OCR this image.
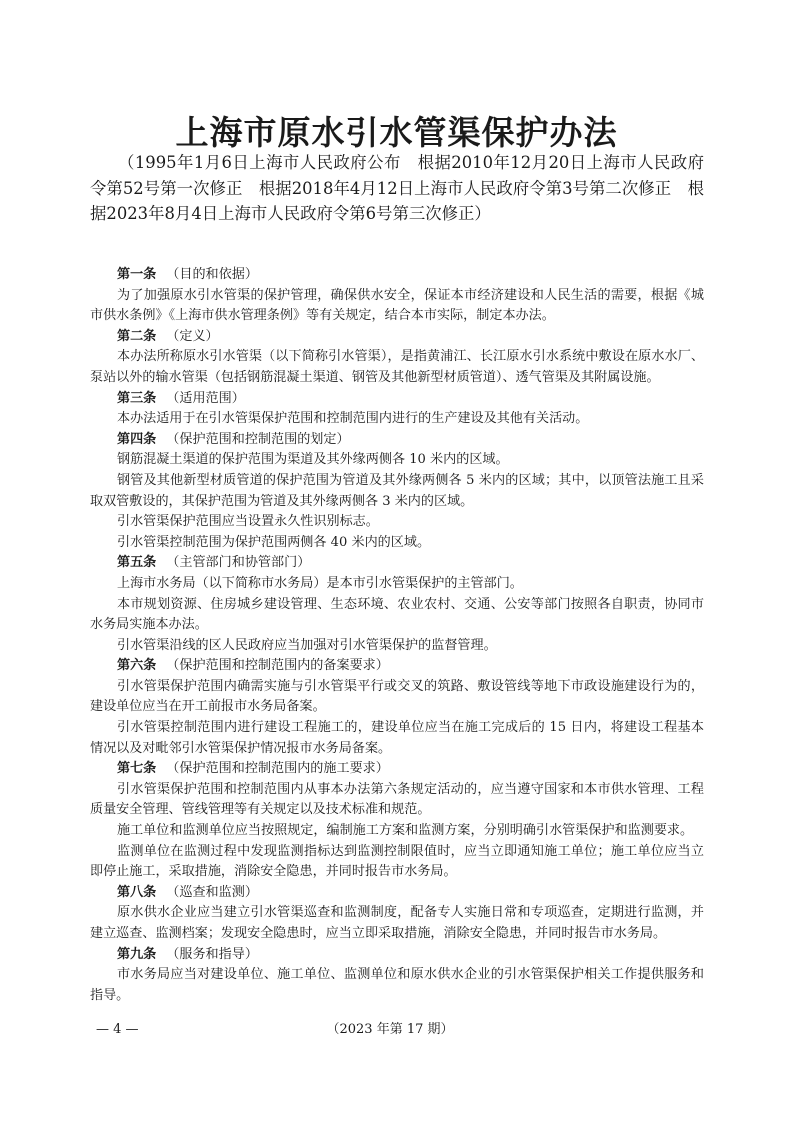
上海市原水引水管渠保护办法
（1995年1月6日上海市人民政府公布　根据2010年12月20日上海市人民政府令第52号第一次修正　根据2018年4月12日上海市人民政府令第3号第二次修正　根据2023年8月4日上海市人民政府令第6号第三次修正）

第一条 （目的和依据）

为了加强原水引水管渠的保护管理，确保供水安全，保证本市经济建设和人民生活的需要，根据《城市供水条例》《上海市供水管理条例》等有关规定，结合本市实际，制定本办法。

第二条 （定义）

本办法所称原水引水管渠（以下简称引水管渠），是指黄浦江、长江原水引水系统中敷设在原水水厂、泵站以外的输水管渠（包括钢筋混凝土渠道、钢管及其他新型材质管道）、透气管渠及其附属设施。

第三条 （适用范围）

本办法适用于在引水管渠保护范围和控制范围内进行的生产建设及其他有关活动。

第四条 （保护范围和控制范围的划定）

钢筋混凝土渠道的保护范围为渠道及其外缘两侧各 10 米内的区域。

钢管及其他新型材质管道的保护范围为管道及其外缘两侧各 5 米内的区域；其中，以顶管法施工且采取双管敷设的，其保护范围为管道及其外缘两侧各 3 米内的区域。

引水管渠保护范围应当设置永久性识别标志。

引水管渠控制范围为保护范围两侧各 40 米内的区域。

第五条 （主管部门和协管部门）

上海市水务局（以下简称市水务局）是本市引水管渠保护的主管部门。

本市规划资源、住房城乡建设管理、生态环境、农业农村、交通、公安等部门按照各自职责，协同市水务局实施本办法。

引水管渠沿线的区人民政府应当加强对引水管渠保护的监督管理。

第六条 （保护范围和控制范围内的备案要求）

引水管渠保护范围内确需实施与引水管渠平行或交叉的筑路、敷设管线等地下市政设施建设行为的，建设单位应当在开工前报市水务局备案。

引水管渠控制范围内进行建设工程施工的，建设单位应当在施工完成后的 15 日内，将建设工程基本情况以及对毗邻引水管渠保护情况报市水务局备案。

第七条 （保护范围和控制范围内的施工要求）

引水管渠保护范围和控制范围内从事本办法第六条规定活动的，应当遵守国家和本市供水管理、工程质量安全管理、管线管理等有关规定以及技术标准和规范。

施工单位和监测单位应当按照规定，编制施工方案和监测方案，分别明确引水管渠保护和监测要求。

监测单位在监测过程中发现监测指标达到监测控制限值时，应当立即通知施工单位；施工单位应当立即停止施工，采取措施，消除安全隐患，并同时报告市水务局。

第八条 （巡查和监测）

原水供水企业应当建立引水管渠巡查和监测制度，配备专人实施日常和专项巡查，定期进行监测，并建立巡查、监测档案；发现安全隐患时，应当立即采取措施，消除安全隐患，并同时报告市水务局。

第九条 （服务和指导）

市水务局应当对建设单位、施工单位、监测单位和原水供水企业的引水管渠保护相关工作提供服务和指导。

— 4 —	（2023 年第 17 期）
